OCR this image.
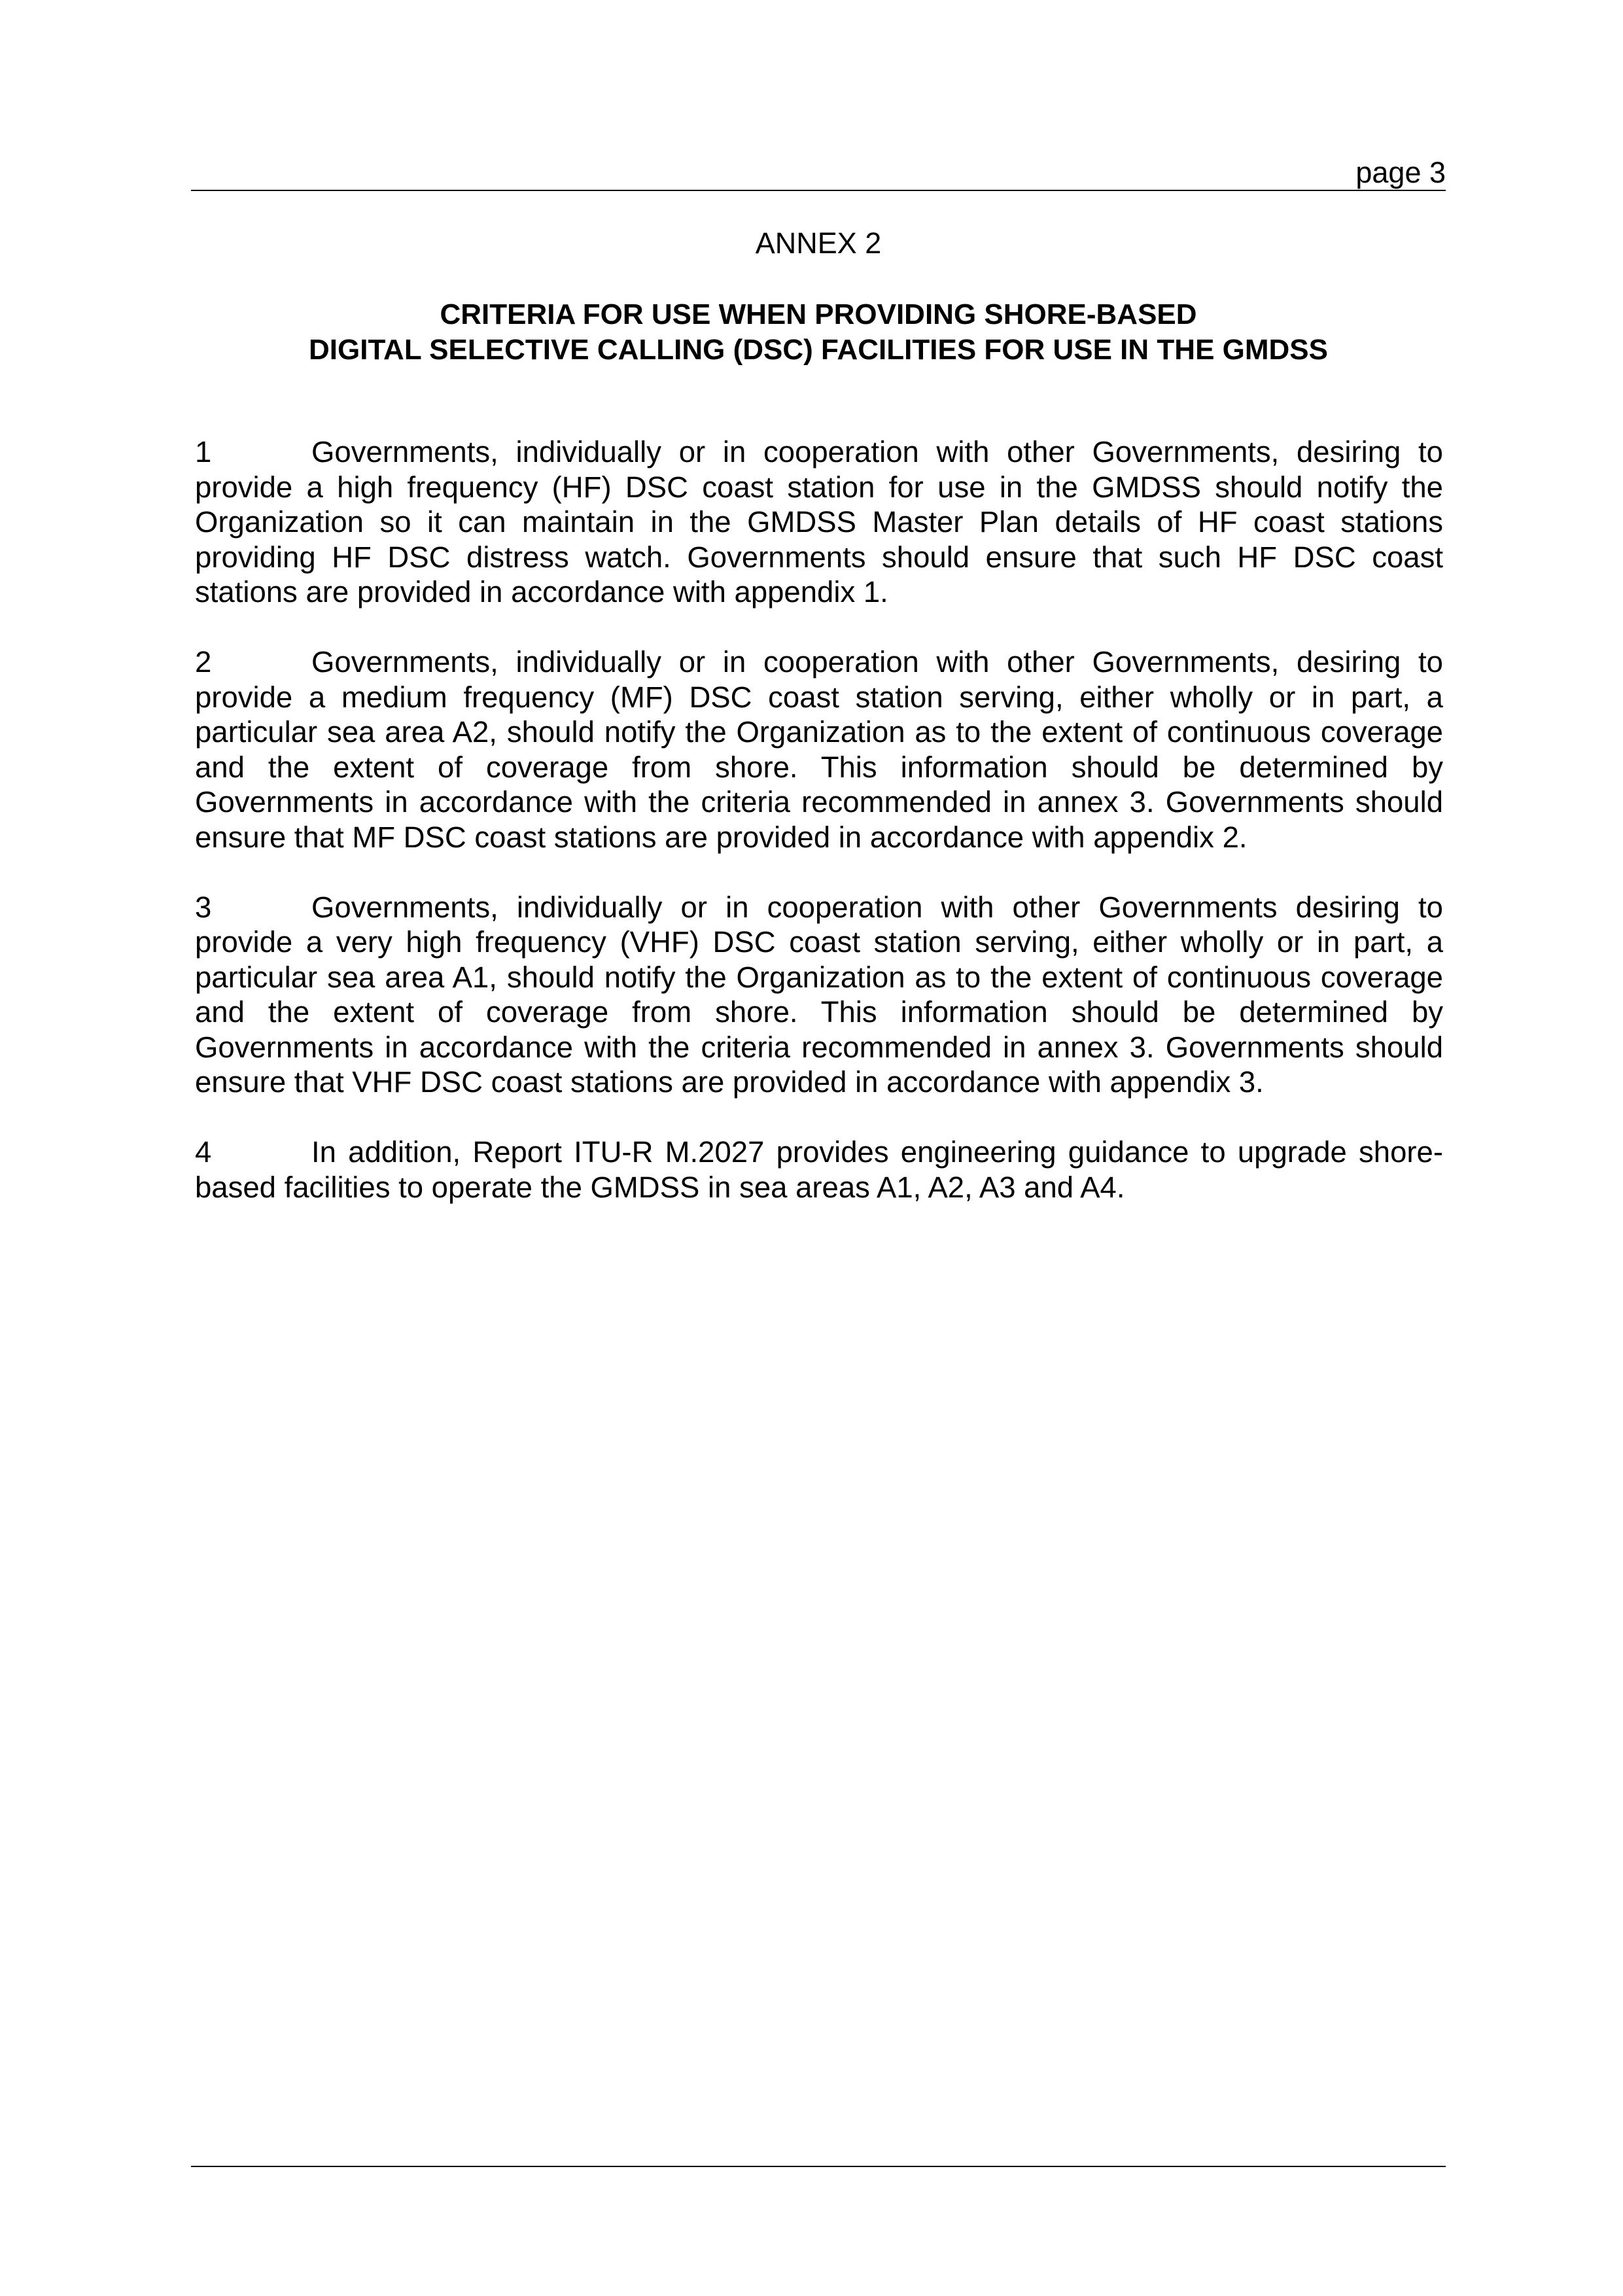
page 3
ANNEX 2
CRITERIA FOR USE WHEN PROVIDING SHORE-BASED
DIGITAL SELECTIVE CALLING (DSC) FACILITIES FOR USE IN THE GMDSS

1	Governments, individually or in cooperation with other Governments, desiring to provide a high frequency (HF) DSC coast station for use in the GMDSS should notify the Organization so it can maintain in the GMDSS Master Plan details of HF coast stations providing HF DSC distress watch. Governments should ensure that such HF DSC coast stations are provided in accordance with appendix 1.

2	Governments, individually or in cooperation with other Governments, desiring to provide a medium frequency (MF) DSC coast station serving, either wholly or in part, a particular sea area A2, should notify the Organization as to the extent of continuous coverage and the extent of coverage from shore. This information should be determined by Governments in accordance with the criteria recommended in annex 3. Governments should ensure that MF DSC coast stations are provided in accordance with appendix 2.

3	Governments, individually or in cooperation with other Governments desiring to provide a very high frequency (VHF) DSC coast station serving, either wholly or in part, a particular sea area A1, should notify the Organization as to the extent of continuous coverage and the extent of coverage from shore. This information should be determined by Governments in accordance with the criteria recommended in annex 3. Governments should ensure that VHF DSC coast stations are provided in accordance with appendix 3.

4	In addition, Report ITU-R M.2027 provides engineering guidance to upgrade shore-based facilities to operate the GMDSS in sea areas A1, A2, A3 and A4.
